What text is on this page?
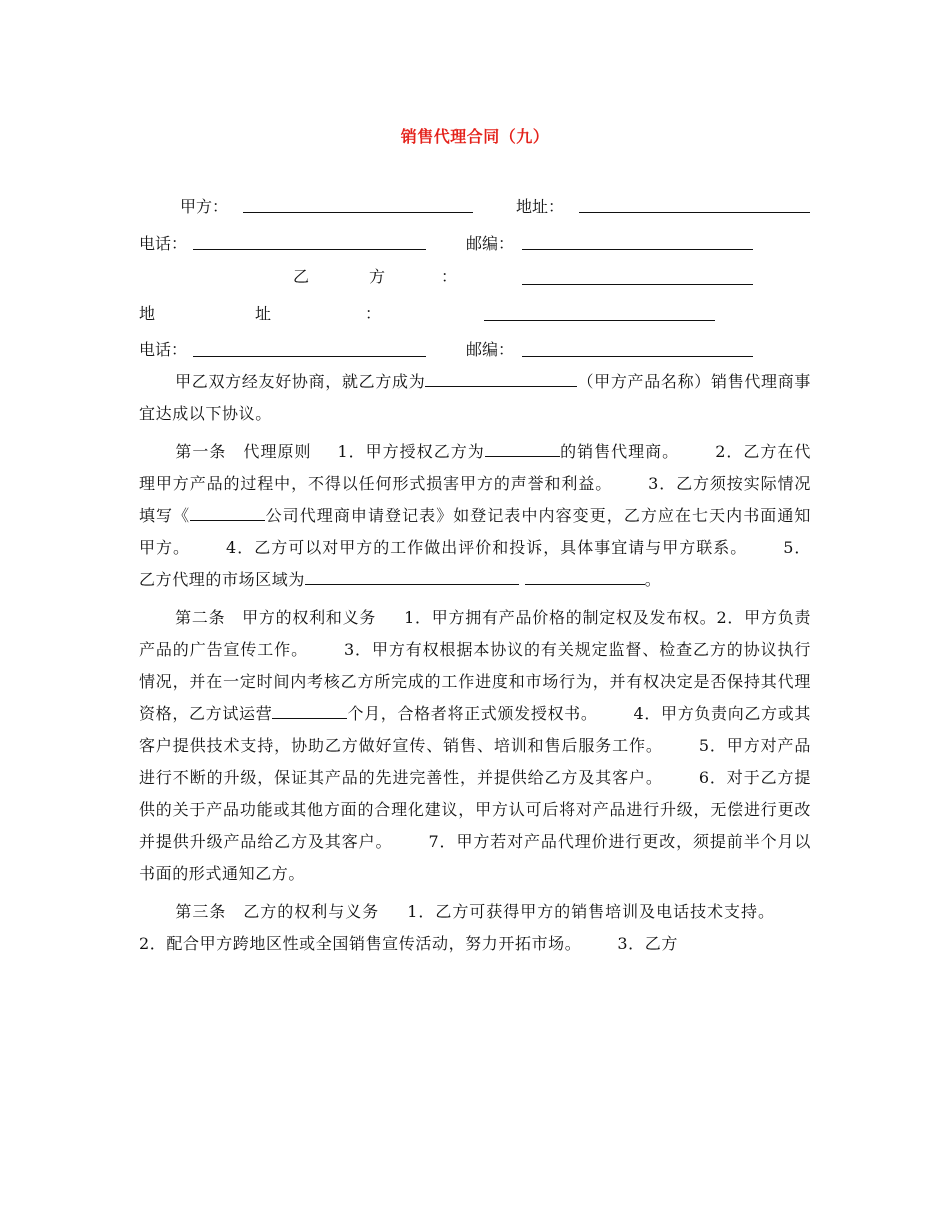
销售代理合同（九）
甲方：	地址：
电话：	邮编：
乙	方	：
地	址	：
电话：	邮编：

甲乙双方经友好协商，就乙方成为	（甲方产品名称）销售代理商事宜达成以下协议。

第一条　代理原则 1．甲方授权乙方为	的销售代理商。 2．乙方在代理甲方产品的过程中，不得以任何形式损害甲方的声誉和利益。 3．乙方须按实际情况填写《	公司代理商申请登记表》如登记表中内容变更，乙方应在七天内书面通知甲方。 4．乙方可以对甲方的工作做出评价和投诉，具体事宜请与甲方联系。 5．乙方代理的市场区域为	。

第二条　甲方的权利和义务 1．甲方拥有产品价格的制定权及发布权。2．甲方负责产品的广告宣传工作。 3．甲方有权根据本协议的有关规定监督、检查乙方的协议执行情况，并在一定时间内考核乙方所完成的工作进度和市场行为，并有权决定是否保持其代理资格，乙方试运营	个月，合格者将正式颁发授权书。 4．甲方负责向乙方或其客户提供技术支持，协助乙方做好宣传、销售、培训和售后服务工作。 5．甲方对产品进行不断的升级，保证其产品的先进完善性，并提供给乙方及其客户。 6．对于乙方提供的关于产品功能或其他方面的合理化建议，甲方认可后将对产品进行升级，无偿进行更改并提供升级产品给乙方及其客户。 7．甲方若对产品代理价进行更改，须提前半个月以书面的形式通知乙方。

第三条　乙方的权利与义务 1．乙方可获得甲方的销售培训及电话技术支持。2．配合甲方跨地区性或全国销售宣传活动，努力开拓市场。 3．乙方
